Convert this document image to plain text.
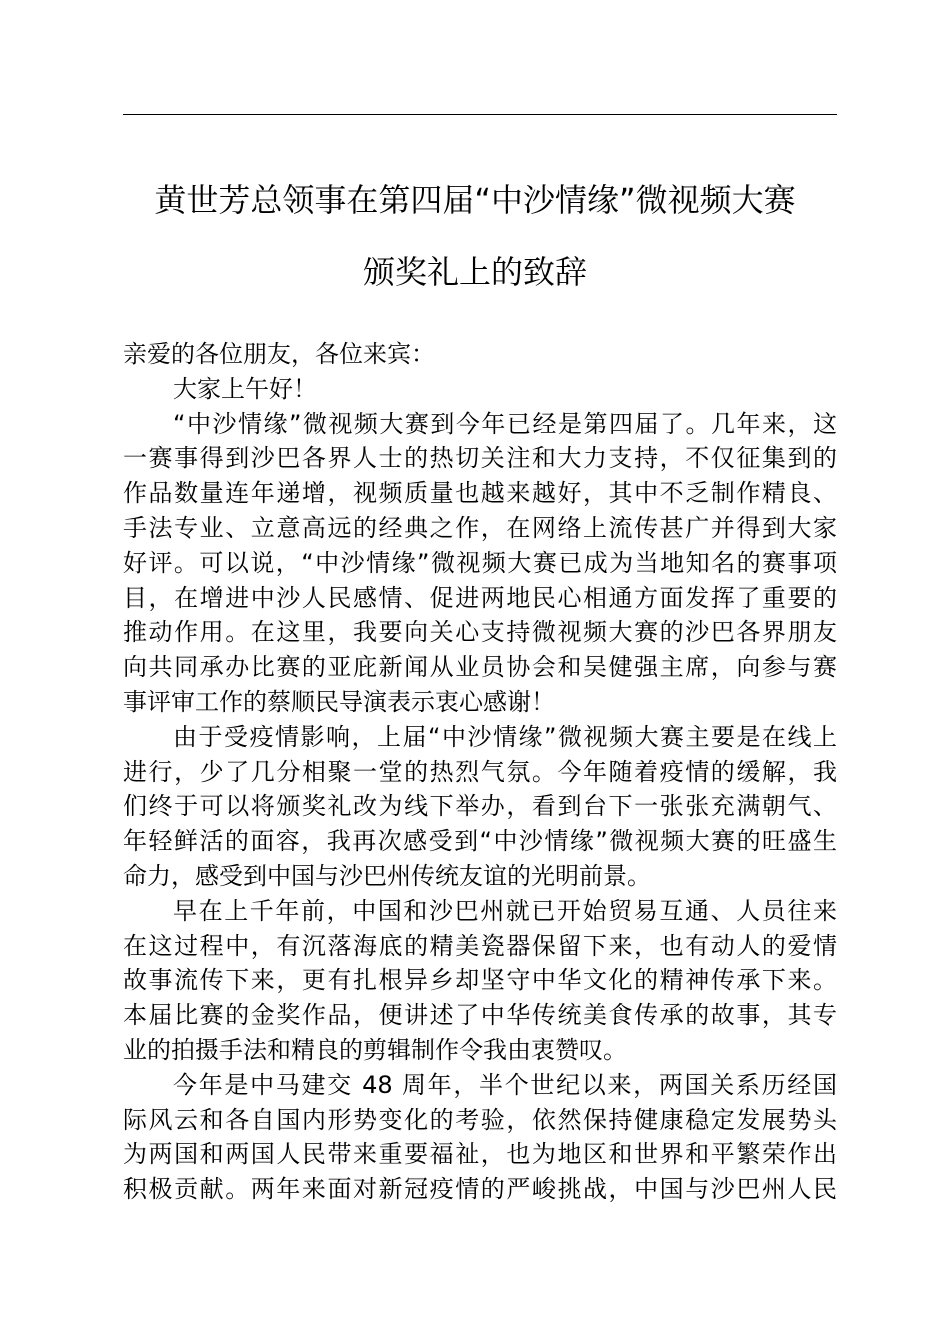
黄世芳总领事在第四届“中沙情缘”微视频大赛
颁奖礼上的致辞
亲爱的各位朋友，各位来宾：
大家上午好！
“中沙情缘”微视频大赛到今年已经是第四届了。几年来，这
一赛事得到沙巴各界人士的热切关注和大力支持，不仅征集到的
作品数量连年递增，视频质量也越来越好，其中不乏制作精良、
手法专业、立意高远的经典之作，在网络上流传甚广并得到大家
好评。可以说，“中沙情缘”微视频大赛已成为当地知名的赛事项
目，在增进中沙人民感情、促进两地民心相通方面发挥了重要的
推动作用。在这里，我要向关心支持微视频大赛的沙巴各界朋友
向共同承办比赛的亚庇新闻从业员协会和吴健强主席，向参与赛
事评审工作的蔡顺民导演表示衷心感谢！
由于受疫情影响，上届“中沙情缘”微视频大赛主要是在线上
进行，少了几分相聚一堂的热烈气氛。今年随着疫情的缓解，我
们终于可以将颁奖礼改为线下举办，看到台下一张张充满朝气、
年轻鲜活的面容，我再次感受到“中沙情缘”微视频大赛的旺盛生
命力，感受到中国与沙巴州传统友谊的光明前景。
早在上千年前，中国和沙巴州就已开始贸易互通、人员往来
在这过程中，有沉落海底的精美瓷器保留下来，也有动人的爱情
故事流传下来，更有扎根异乡却坚守中华文化的精神传承下来。
本届比赛的金奖作品，便讲述了中华传统美食传承的故事，其专
业的拍摄手法和精良的剪辑制作令我由衷赞叹。
今年是中马建交 48 周年，半个世纪以来，两国关系历经国
际风云和各自国内形势变化的考验，依然保持健康稳定发展势头
为两国和两国人民带来重要福祉，也为地区和世界和平繁荣作出
积极贡献。两年来面对新冠疫情的严峻挑战，中国与沙巴州人民
